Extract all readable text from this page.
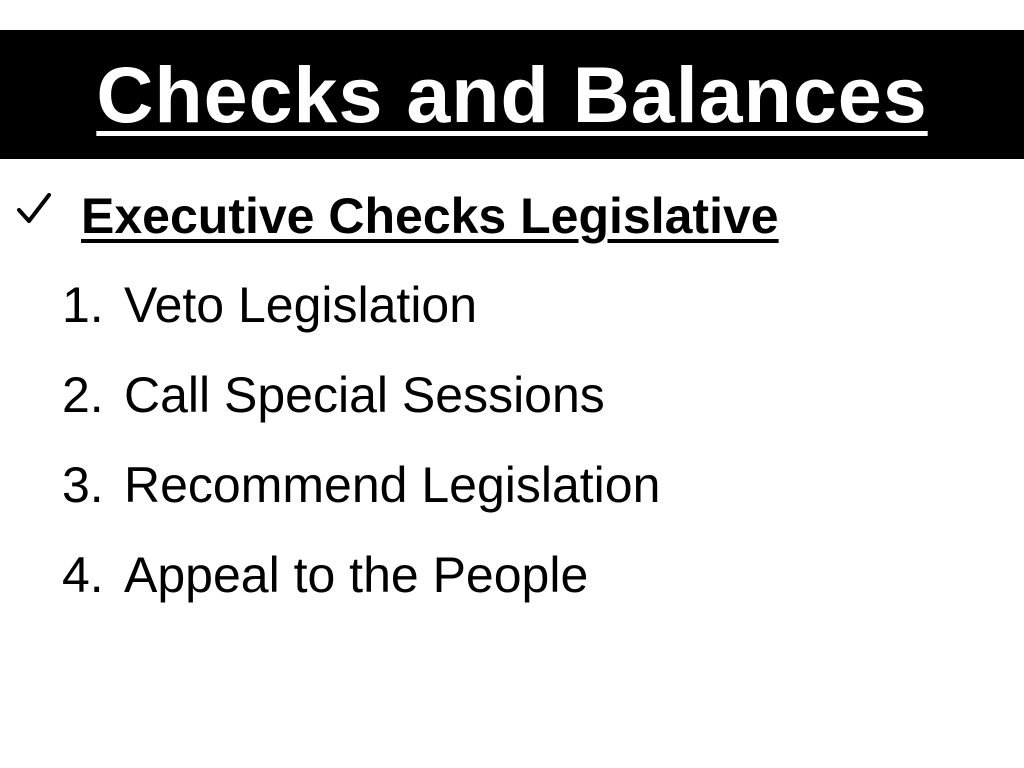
Checks and Balances
Executive Checks Legislative
1. Veto Legislation
2. Call Special Sessions
3. Recommend Legislation
4. Appeal to the People
